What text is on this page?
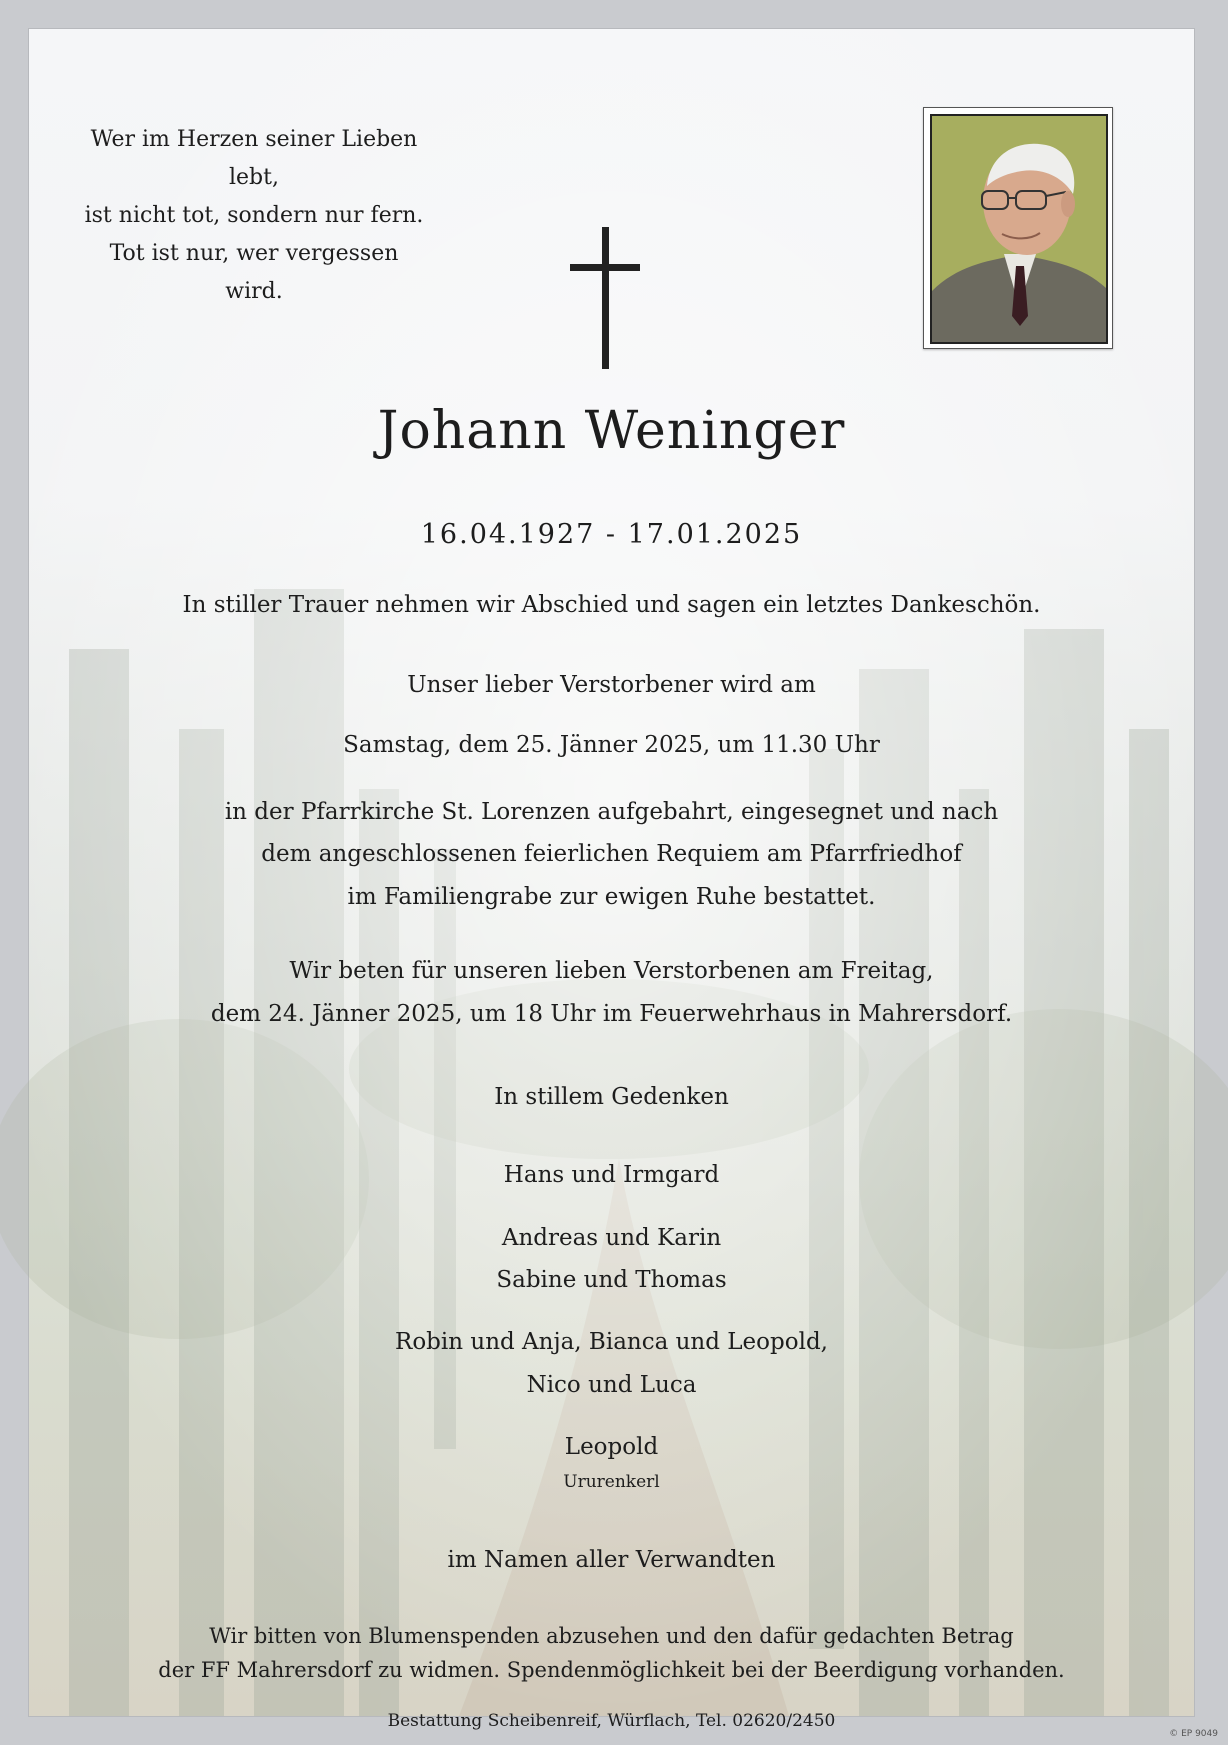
Wer im Herzen seiner Lieben lebt,
ist nicht tot, sondern nur fern.
Tot ist nur, wer vergessen wird.
Johann Weninger
16.04.1927 - 17.01.2025
In stiller Trauer nehmen wir Abschied und sagen ein letztes Dankeschön.
Unser lieber Verstorbener wird am
Samstag, dem 25. Jänner 2025, um 11.30 Uhr
in der Pfarrkirche St. Lorenzen aufgebahrt, eingesegnet und nach
dem angeschlossenen feierlichen Requiem am Pfarrfriedhof
im Familiengrabe zur ewigen Ruhe bestattet.
Wir beten für unseren lieben Verstorbenen am Freitag,
dem 24. Jänner 2025, um 18 Uhr im Feuerwehrhaus in Mahrersdorf.
In stillem Gedenken
Hans und Irmgard
Andreas und Karin
Sabine und Thomas
Robin und Anja, Bianca und Leopold,
Nico und Luca
Leopold
Ururenkerl
im Namen aller Verwandten
Wir bitten von Blumenspenden abzusehen und den dafür gedachten Betrag
der FF Mahrersdorf zu widmen. Spendenmöglichkeit bei der Beerdigung vorhanden.
Bestattung Scheibenreif, Würflach, Tel. 02620/2450
© EP 9049
